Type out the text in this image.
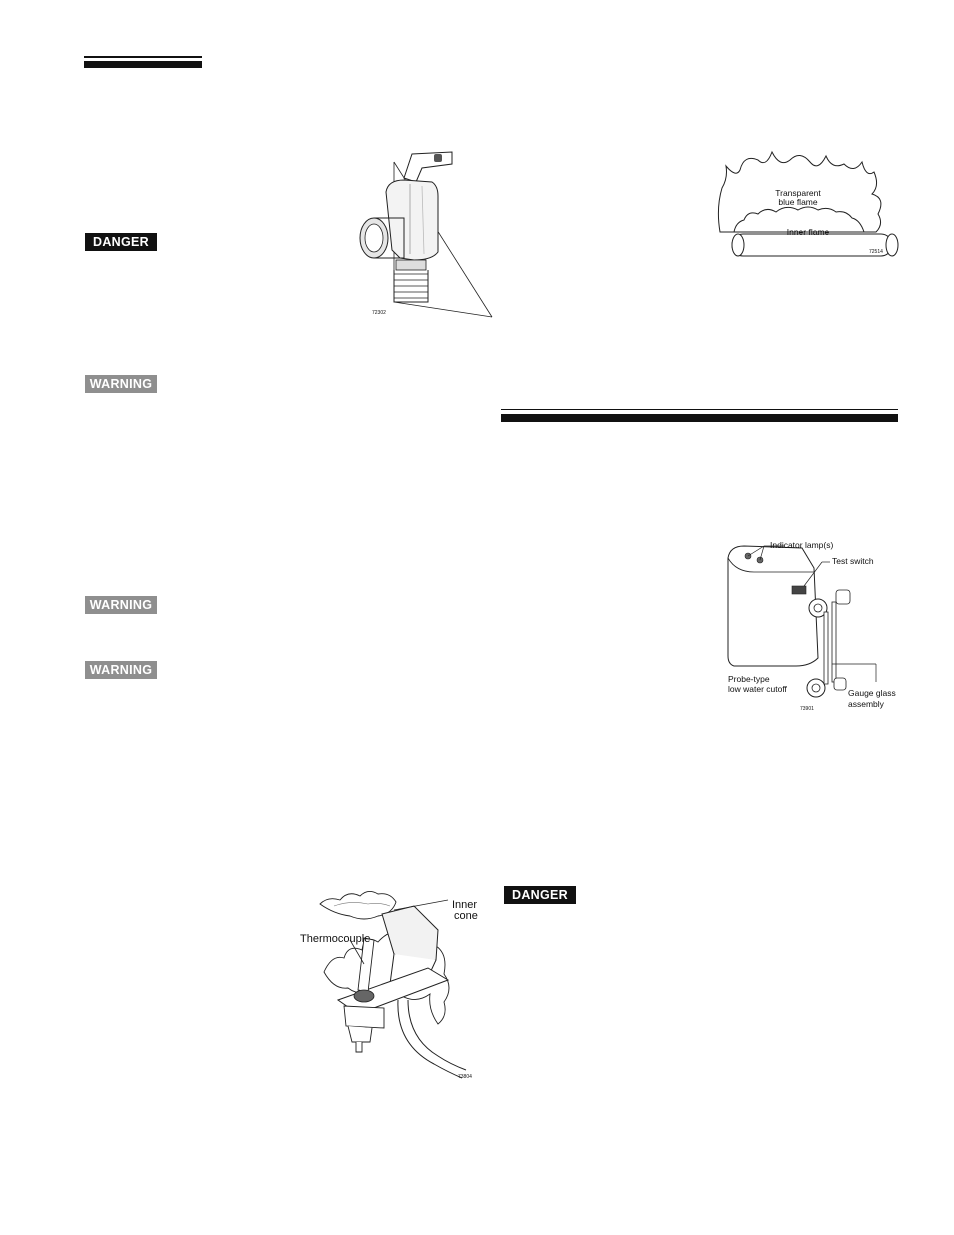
DANGER
WARNING
WARNING
WARNING
DANGER
72302
Transparent
blue flame
Inner flame
72514
Indicator lamp(s)
Test switch
Probe-type
low water cutoff	Gauge glass
assembly
73901
Inner
cone
Thermocouple
73804
